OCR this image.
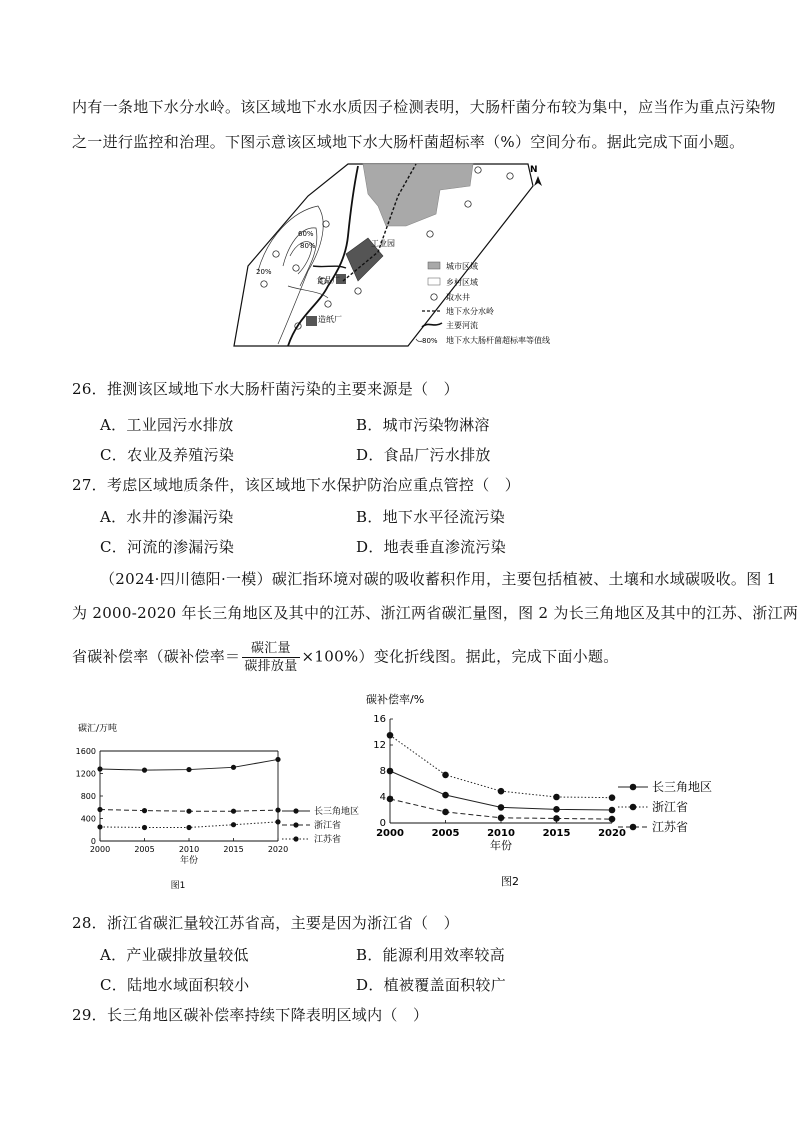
内有一条地下水分水岭。该区域地下水水质因子检测表明，大肠杆菌分布较为集中，应当作为重点污染物
之一进行监控和治理。下图示意该区域地下水大肠杆菌超标率（%）空间分布。据此完成下面小题。
60%
80%
20%
工业园
食品厂
造纸厂
N
城市区域
乡村区域
取水井
地下水分水岭
主要河流
80% 地下水大肠杆菌超标率等值线
26．推测该区域地下水大肠杆菌污染的主要来源是（　）
A．工业园污水排放	B．城市污染物淋溶
C．农业及养殖污染	D．食品厂污水排放
27．考虑区域地质条件，该区域地下水保护防治应重点管控（　）
A．水井的渗漏污染	B．地下水平径流污染
C．河流的渗漏污染	D．地表垂直渗流污染
（2024·四川德阳·一模）碳汇指环境对碳的吸收蓄积作用，主要包括植被、土壤和水域碳吸收。图 1
为 2000-2020 年长三角地区及其中的江苏、浙江两省碳汇量图，图 2 为长三角地区及其中的江苏、浙江两
省碳补偿率（碳补偿率＝ $\frac{\text{碳汇量}}{\text{碳排放量}} \times 100\%$）变化折线图。据此，完成下面小题。
0
400
800
1200
1600
2000	2005	2010	2015	2020
碳汇/万吨
年份
长三角地区
浙江省
江苏省
图1
0
4
8
12
16
2000	2005	2010	2015	2020
碳补偿率/%
年份
长三角地区
浙江省
江苏省
图2
28．浙江省碳汇量较江苏省高，主要是因为浙江省（　）
A．产业碳排放量较低	B．能源利用效率较高
C．陆地水域面积较小	D．植被覆盖面积较广
29．长三角地区碳补偿率持续下降表明区域内（　）
